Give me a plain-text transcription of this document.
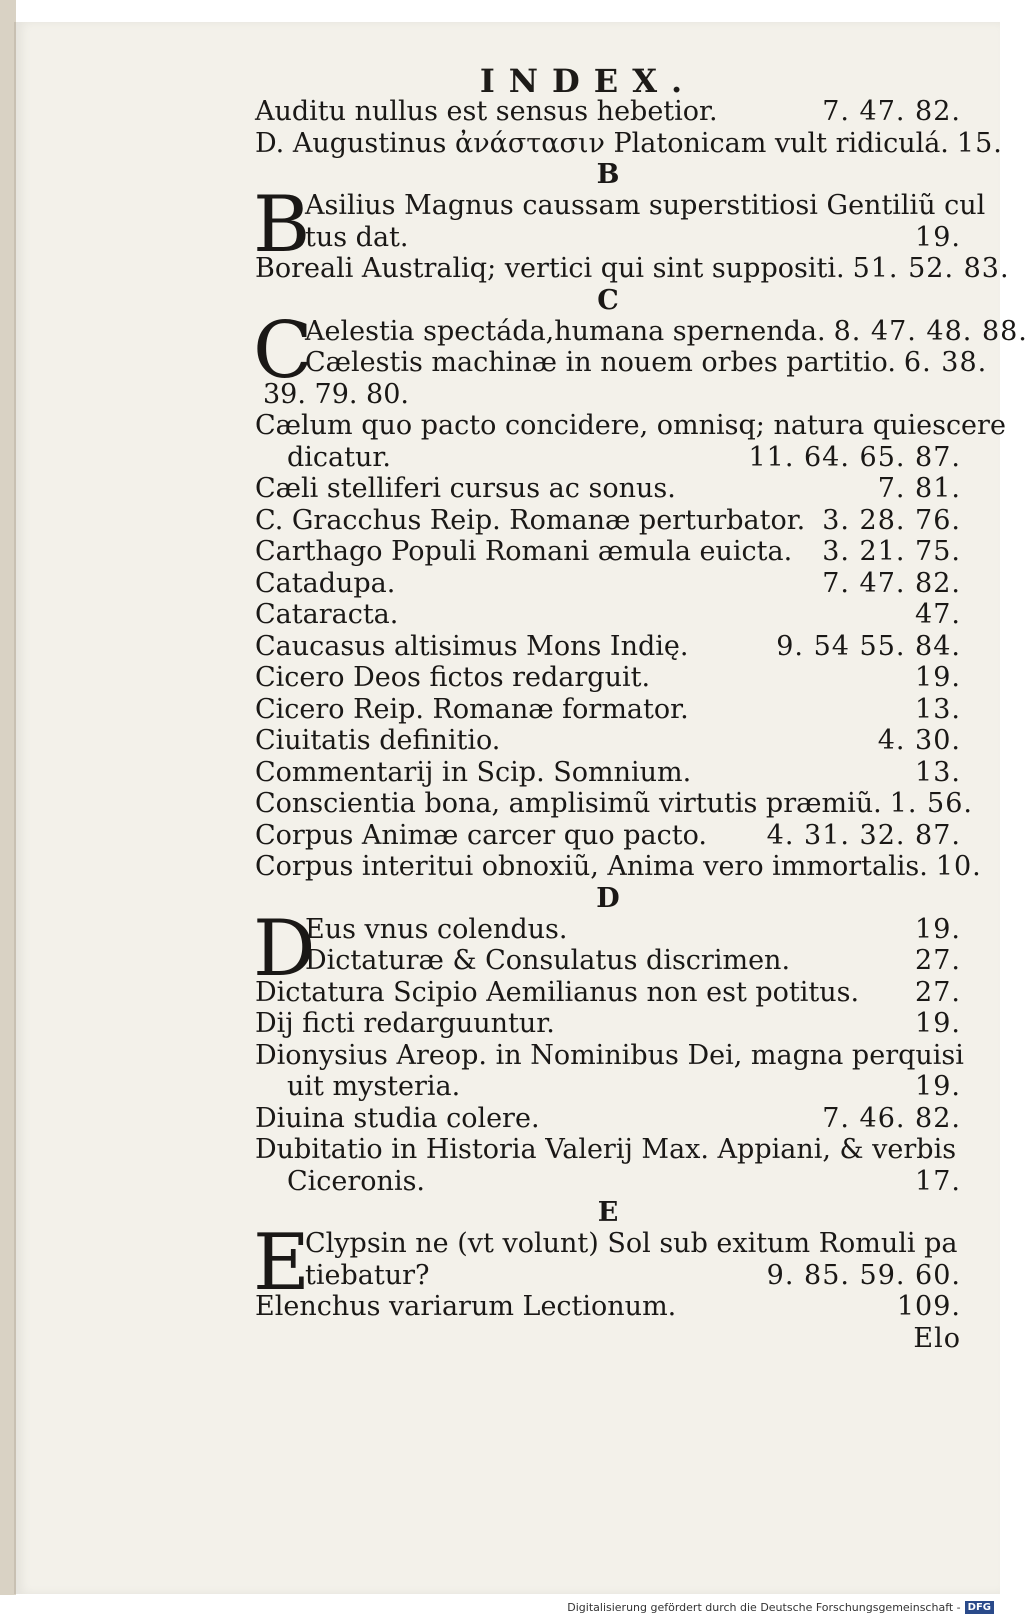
INDEX.
Auditu nullus est sensus hebetior.	7. 47. 82.
D. Augustinus ἀνάστασιν Platonicam vult ridiculá. 15.
B
B
Asilius Magnus caussam superstitiosi Gentiliũ cul
tus dat.	19.
Boreali Australiq; vertici qui sint suppositi. 51. 52. 83.
C
C
Aelestia spectáda,humana spernenda. 8. 47. 48. 88.
Cælestis machinæ in nouem orbes partitio. 6. 38.
39. 79. 80.
Cælum quo pacto concidere, omnisq; natura quiescere
dicatur.	11. 64. 65. 87.
Cæli stelliferi cursus ac sonus.	7. 81.
C. Gracchus Reip. Romanæ perturbator. 3. 28. 76.
Carthago Populi Romani æmula euicta. 3. 21. 75.
Catadupa.	7. 47. 82.
Cataracta.	47.
Caucasus altisimus Mons Indię.	9. 54 55. 84.
Cicero Deos fictos redarguit.	19.
Cicero Reip. Romanæ formator.	13.
Ciuitatis definitio.	4. 30.
Commentarij in Scip. Somnium.	13.
Conscientia bona, amplisimũ virtutis præmiũ. 1. 56.
Corpus Animæ carcer quo pacto. 4. 31. 32. 87.
Corpus interitui obnoxiũ, Anima vero immortalis. 10.
D
D
Eus vnus colendus.	19.
Dictaturæ & Consulatus discrimen.	27.
Dictatura Scipio Aemilianus non est potitus. 27.
Dij ficti redarguuntur.	19.
Dionysius Areop. in Nominibus Dei, magna perquisi
uit mysteria.	19.
Diuina studia colere.	7. 46. 82.
Dubitatio in Historia Valerij Max. Appiani, & verbis
Ciceronis.	17.
E
E
Clypsin ne (vt volunt) Sol sub exitum Romuli pa
tiebatur?	9. 85. 59. 60.
Elenchus variarum Lectionum.	109.
Elo
Digitalisierung gefördert durch die Deutsche Forschungsgemeinschaft - DFG
